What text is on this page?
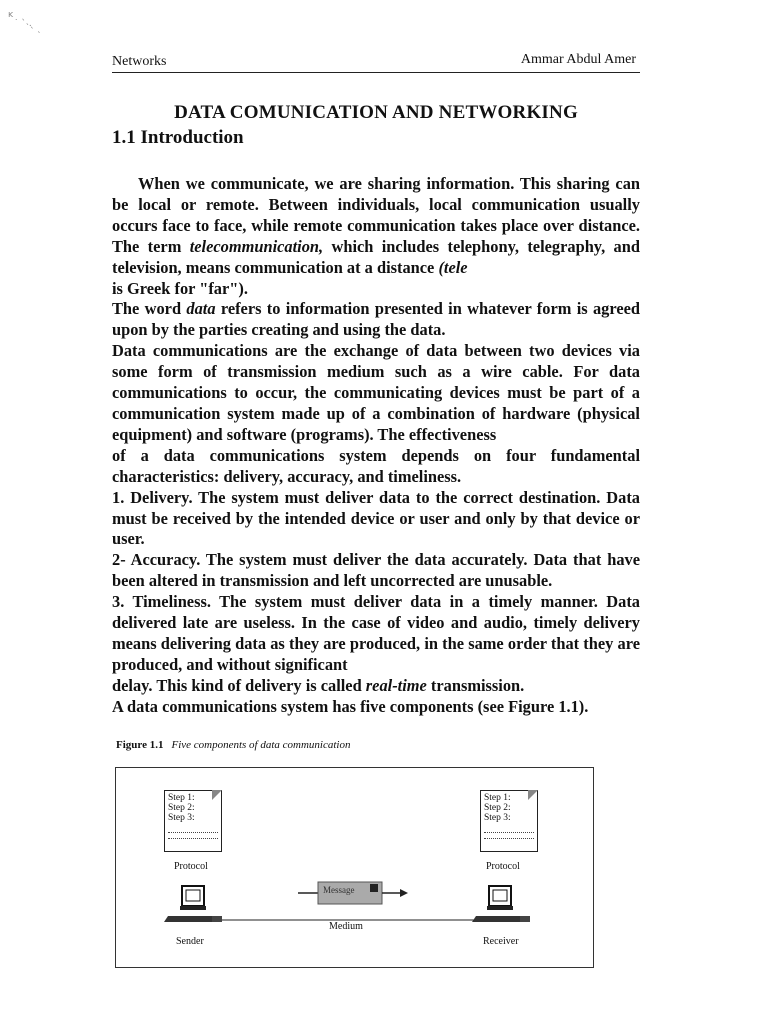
ĸ
˙ ˋ˴.
ˋ ˴
Networks	Ammar Abdul Amer
DATA COMUNICATION AND NETWORKING
1.1 Introduction

When we communicate, we are sharing information. This sharing can be local or remote. Between individuals, local communication usually occurs face to face, while remote communication takes place over distance. The term telecommunication, which includes telephony, telegraphy, and television, means communication at a distance (tele

is Greek for "far").

The word data refers to information presented in whatever form is agreed upon by the parties creating and using the data.

Data communications are the exchange of data between two devices via some form of transmission medium such as a wire cable. For data communications to occur, the communicating devices must be part of a communication system made up of a combination of hardware (physical equipment) and software (programs). The effectiveness

of a data communications system depends on four fundamental characteristics: delivery, accuracy, and timeliness.

1. Delivery. The system must deliver data to the correct destination. Data must be received by the intended device or user and only by that device or user.

2- Accuracy. The system must deliver the data accurately. Data that have been altered in transmission and left uncorrected are unusable.

3. Timeliness. The system must deliver data in a timely manner. Data delivered late are useless. In the case of video and audio, timely delivery means delivering data as they are produced, in the same order that they are produced, and without significant

delay. This kind of delivery is called real-time transmission.

A data communications system has five components (see Figure 1.1).

Figure 1.1 Five components of data communication
Step 1:
Step 2:
Step 3:
Protocol
Step 1:
Step 2:
Step 3:
Protocol
Message
Medium
Sender	Receiver
